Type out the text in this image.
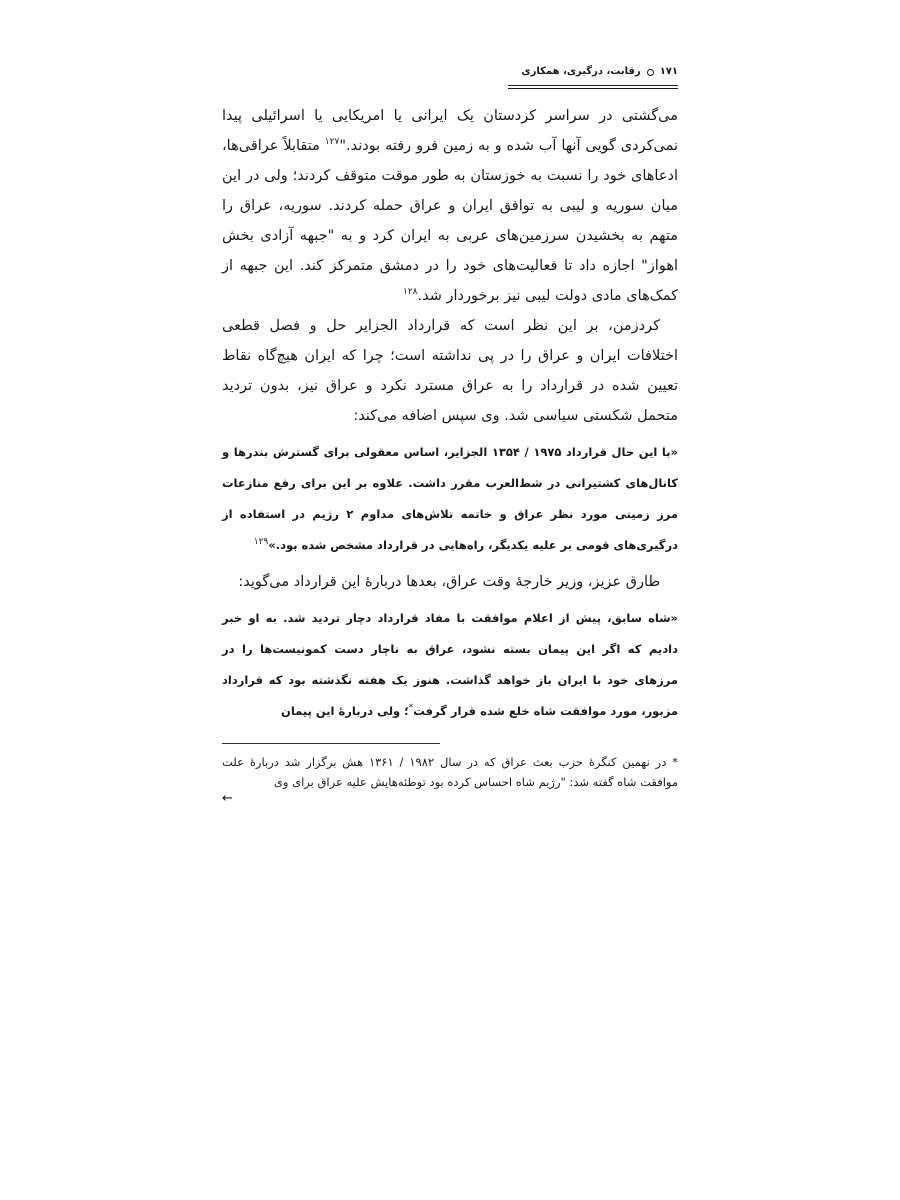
۱۷۱
رقابت، درگیری، همکاری

می‌گشتی در سراسر کردستان یک ایرانی یا امریکایی یا اسرائیلی پیدا نمی‌کردی گویی آنها آب شده و به زمین فرو رفته بودند."$^{۱۲۷}$ متقابلاً عراقی‌ها، ادعاهای خود را نسبت به خوزستان به طور موقت متوقف کردند؛ ولی در این میان سوریه و لیبی به توافق ایران و عراق حمله کردند. سوریه، عراق را متهم به بخشیدن سرزمین‌های عربی به ایران کرد و به "جبهه آزادی بخش اهواز" اجازه داد تا فعالیت‌های خود را در دمشق متمرکز کند. این جبهه از کمک‌های مادی دولت لیبی نیز برخوردار شد.$^{۱۲۸}$

کردزمن، بر این نظر است که قرارداد الجزایر حل و فصل قطعی اختلافات ایران و عراق را در پی نداشته است؛ چرا که ایران هیچ‌گاه نقاط تعیین شده در قرارداد را به عراق مسترد نکرد و عراق نیز، بدون تردید متحمل شکستی سیاسی شد. وی سپس اضافه می‌کند:

«با این حال قرارداد ۱۹۷۵ / ۱۳۵۴ الجزایر، اساس معقولی برای گسترش بندرها و کانال‌های کشتیرانی در شط‌العرب مقرر داشت. علاوه بر این برای رفع منازعات مرز زمینی مورد نظر عراق و خاتمه تلاش‌های مداوم ۲ رژیم در استفاده از درگیری‌های قومی بر علیه یکدیگر، راه‌هایی در قرارداد مشخص شده بود.»$^{۱۲۹}$

طارق عزیز، وزیر خارجهٔ وقت عراق، بعدها دربارهٔ این قرارداد می‌گوید:

«شاه سابق، پیش از اعلام موافقت با مفاد قرارداد دچار تردید شد. به او خبر دادیم که اگر این پیمان بسته نشود، عراق به ناچار دست کمونیست‌ها را در مرزهای خود با ایران باز خواهد گذاشت. هنوز یک هفته نگذشته بود که قرارداد مزبور، مورد موافقت شاه خلع شده قرار گرفت*؛ ولی دربارهٔ این پیمان

* در نهمین کنگرهٔ حزب بعث عراق که در سال ۱۹۸۲ / ۱۳۶۱ هش برگزار شد دربارهٔ علت موافقت شاه گفته شد: "رژیم شاه احساس کرده بود توطئه‌هایش علیه عراق برای وی

←
